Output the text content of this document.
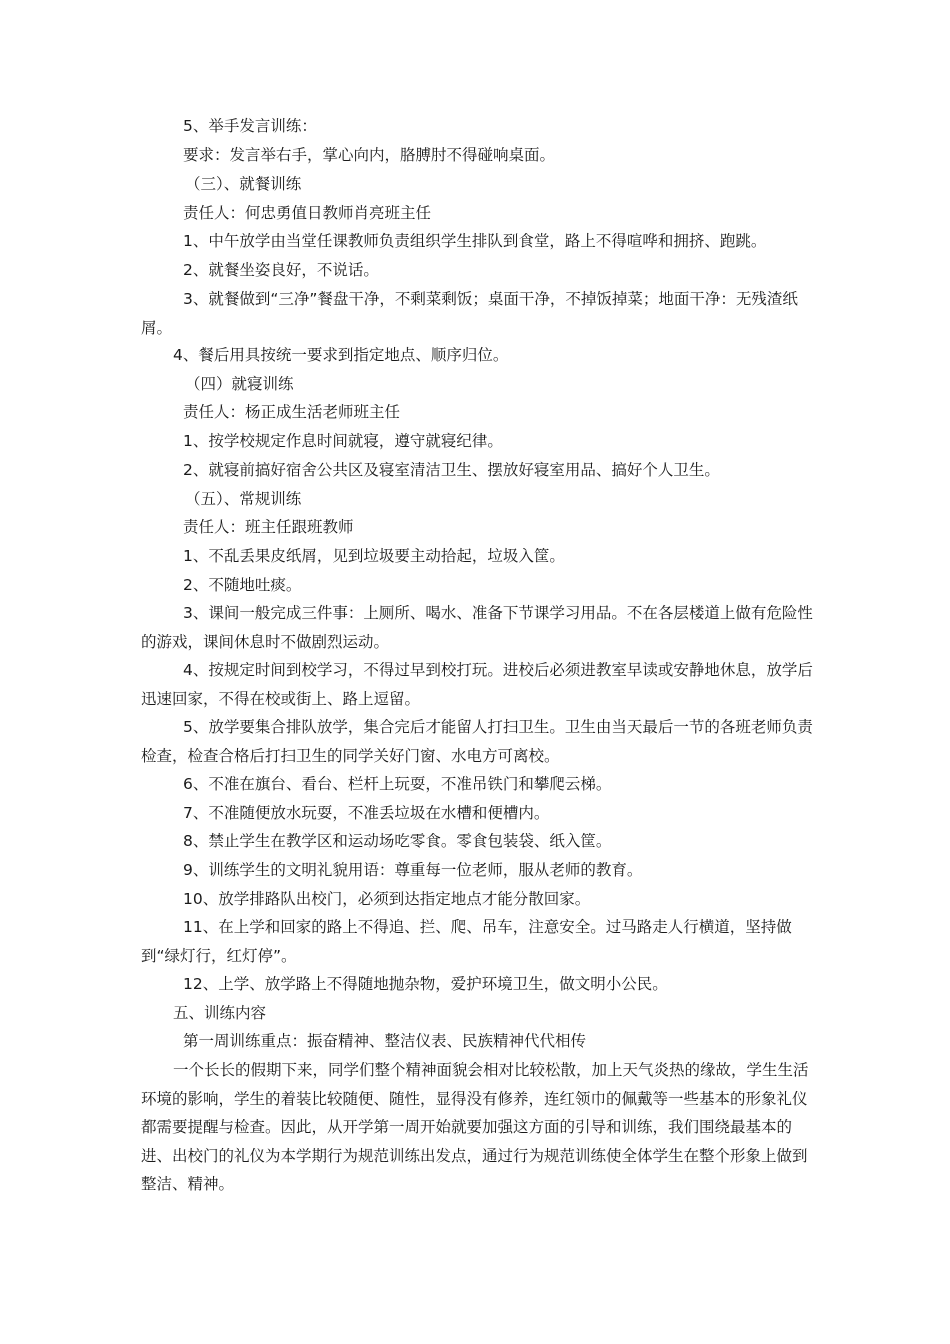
5、举手发言训练：
要求：发言举右手，掌心向内，胳膊肘不得碰响桌面。
（三）、就餐训练
责任人：何忠勇值日教师肖亮班主任
1、中午放学由当堂任课教师负责组织学生排队到食堂，路上不得喧哗和拥挤、跑跳。
2、就餐坐姿良好，不说话。
3、就餐做到“三净”餐盘干净，不剩菜剩饭；桌面干净，不掉饭掉菜；地面干净：无残渣纸屑。
4、餐后用具按统一要求到指定地点、顺序归位。
（四）就寝训练
责任人：杨正成生活老师班主任
1、按学校规定作息时间就寝，遵守就寝纪律。
2、就寝前搞好宿舍公共区及寝室清洁卫生、摆放好寝室用品、搞好个人卫生。
（五）、常规训练
责任人：班主任跟班教师
1、不乱丢果皮纸屑，见到垃圾要主动拾起，垃圾入筐。
2、不随地吐痰。
3、课间一般完成三件事：上厕所、喝水、准备下节课学习用品。不在各层楼道上做有危险性的游戏，课间休息时不做剧烈运动。
4、按规定时间到校学习，不得过早到校打玩。进校后必须进教室早读或安静地休息，放学后迅速回家，不得在校或街上、路上逗留。
5、放学要集合排队放学，集合完后才能留人打扫卫生。卫生由当天最后一节的各班老师负责检查，检查合格后打扫卫生的同学关好门窗、水电方可离校。
6、不准在旗台、看台、栏杆上玩耍，不准吊铁门和攀爬云梯。
7、不准随便放水玩耍，不准丢垃圾在水槽和便槽内。
8、禁止学生在教学区和运动场吃零食。零食包装袋、纸入筐。
9、训练学生的文明礼貌用语：尊重每一位老师，服从老师的教育。
10、放学排路队出校门，必须到达指定地点才能分散回家。
11、在上学和回家的路上不得追、拦、爬、吊车，注意安全。过马路走人行横道，坚持做到“绿灯行，红灯停”。
12、上学、放学路上不得随地抛杂物，爱护环境卫生，做文明小公民。
五、训练内容
第一周训练重点：振奋精神、整洁仪表、民族精神代代相传
一个长长的假期下来，同学们整个精神面貌会相对比较松散，加上天气炎热的缘故，学生生活环境的影响，学生的着装比较随便、随性，显得没有修养，连红领巾的佩戴等一些基本的形象礼仪都需要提醒与检查。因此，从开学第一周开始就要加强这方面的引导和训练，我们围绕最基本的进、出校门的礼仪为本学期行为规范训练出发点，通过行为规范训练使全体学生在整个形象上做到整洁、精神。
